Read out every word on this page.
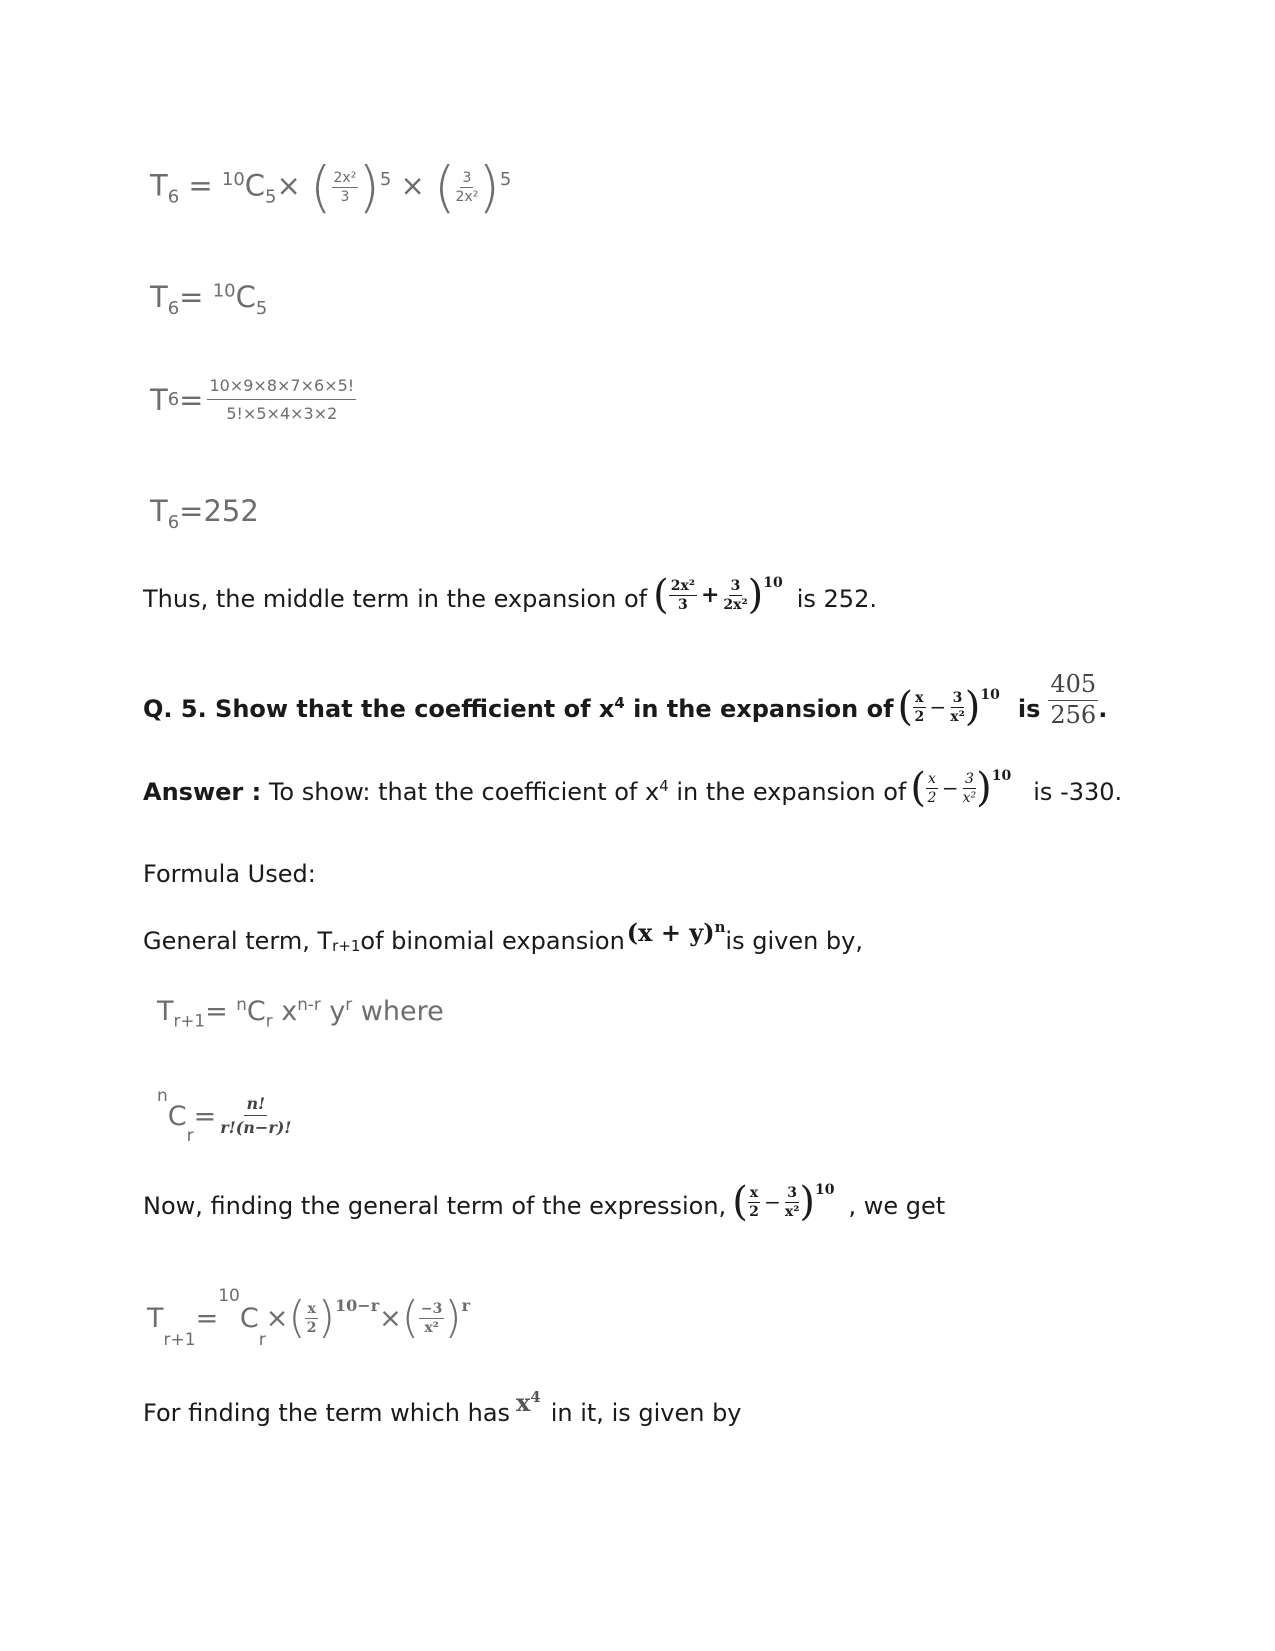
$T_6 = ^{10}C_5\times$ ( $\frac{\text{2x²}}{3} )^5$ × ( $\frac{3}{\text{2x²}} )^5$
$T_6= ^{10}C_5$
T $6 = \frac{10\times 9\times 8\times 7\times 6\times 5!}{5!\times 5\times 4\times 3\times 2}$
$T_6=252$
Thus, the middle term in the expansion of ( $\frac{\text{2x²}}{3} + \frac{3}{\text{2x²}}$ ) 10
is 252.
Q. 5. Show that the coefficient of $x^4$ in the expansion of ( $\frac{x}{2} - \frac{3}{\text{x²}}$ ) 10 is $\frac{405}{256}$ .
Answer : To show: that the coefficient of $x^4$ in the expansion of ( $\frac{x}{2} - \frac{3}{\text{x²}}$ ) 10
is -330.
Formula Used:
General term, T r+1 of binomial expansion $(x + y)^n$ is given by,
$T_{r+1}= ^nC_r$ $x^{n-r}$ $y^r$ where
n
C
r
= $\frac{n!}{r!(n-r)!}$
Now, finding the general term of the expression, ( $\frac{x}{2} - \frac{3}{\text{x²}}$ ) 10
, we get
T
r+1
=
10
C
r
× ( $\frac{x}{2}$ ) 10−r × ( $\frac{-3}{\text{x²}}$ ) r
For finding the term which has $x^4$
in it, is given by
